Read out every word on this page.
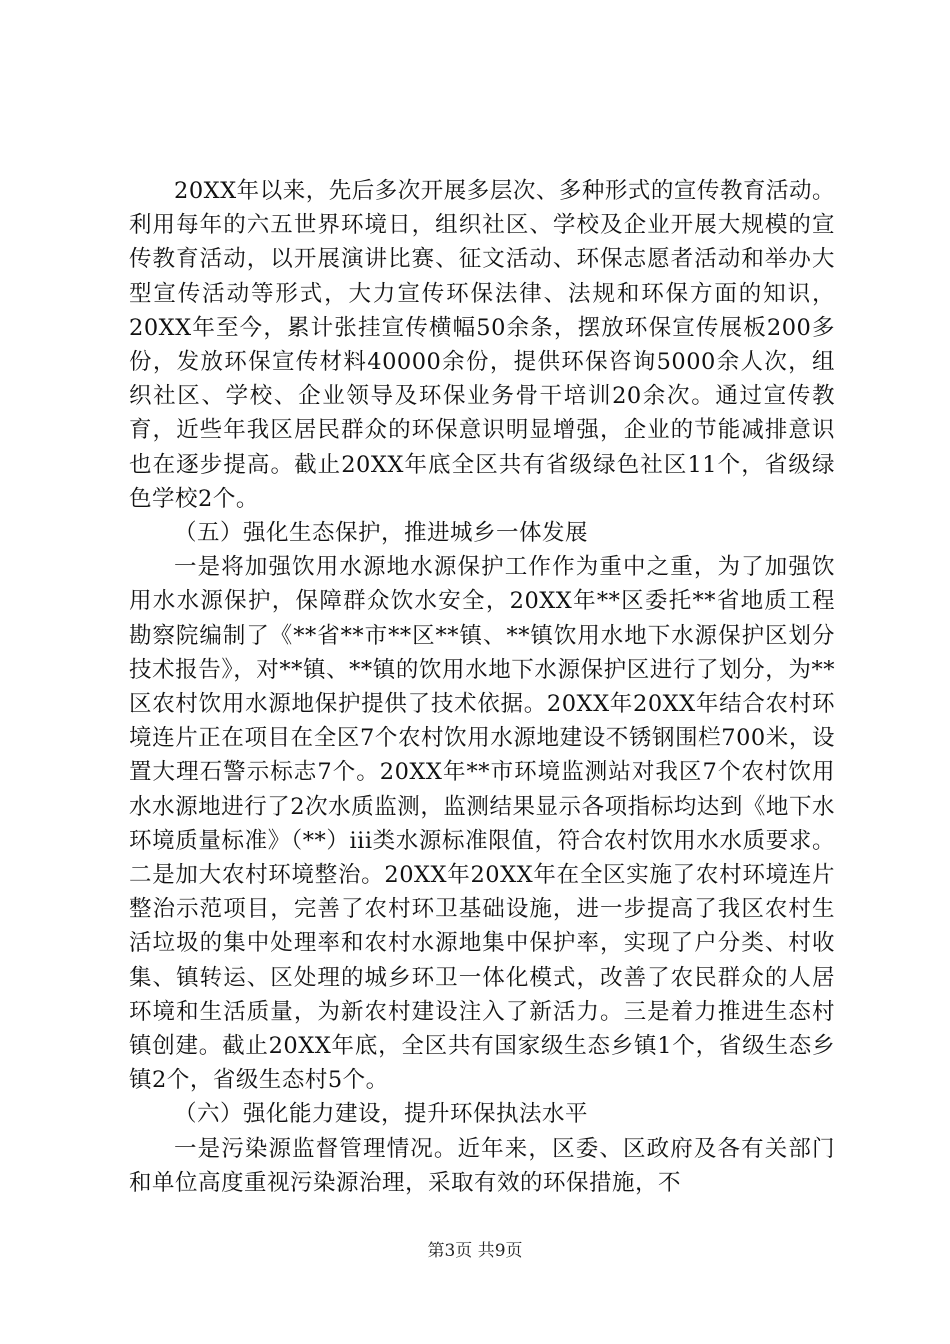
20XX年以来，先后多次开展多层次、多种形式的宣传教育活动。利用每年的六五世界环境日，组织社区、学校及企业开展大规模的宣传教育活动，以开展演讲比赛、征文活动、环保志愿者活动和举办大型宣传活动等形式，大力宣传环保法律、法规和环保方面的知识，20XX年至今，累计张挂宣传横幅50余条，摆放环保宣传展板200多份，发放环保宣传材料40000余份，提供环保咨询5000余人次，组织社区、学校、企业领导及环保业务骨干培训20余次。通过宣传教育，近些年我区居民群众的环保意识明显增强，企业的节能减排意识也在逐步提高。截止20XX年底全区共有省级绿色社区11个，省级绿色学校2个。

（五）强化生态保护，推进城乡一体发展

一是将加强饮用水源地水源保护工作作为重中之重，为了加强饮用水水源保护，保障群众饮水安全，20XX年**区委托**省地质工程勘察院编制了《**省**市**区**镇、**镇饮用水地下水源保护区划分技术报告》，对**镇、**镇的饮用水地下水源保护区进行了划分，为**区农村饮用水源地保护提供了技术依据。20XX年20XX年结合农村环境连片正在项目在全区7个农村饮用水源地建设不锈钢围栏700米，设置大理石警示标志7个。20XX年**市环境监测站对我区7个农村饮用水水源地进行了2次水质监测，监测结果显示各项指标均达到《地下水环境质量标准》（**）iii类水源标准限值，符合农村饮用水水质要求。二是加大农村环境整治。20XX年20XX年在全区实施了农村环境连片整治示范项目，完善了农村环卫基础设施，进一步提高了我区农村生活垃圾的集中处理率和农村水源地集中保护率，实现了户分类、村收集、镇转运、区处理的城乡环卫一体化模式，改善了农民群众的人居环境和生活质量，为新农村建设注入了新活力。三是着力推进生态村镇创建。截止20XX年底，全区共有国家级生态乡镇1个，省级生态乡镇2个，省级生态村5个。

（六）强化能力建设，提升环保执法水平

一是污染源监督管理情况。近年来，区委、区政府及各有关部门和单位高度重视污染源治理，采取有效的环保措施，不

第3页 共9页
